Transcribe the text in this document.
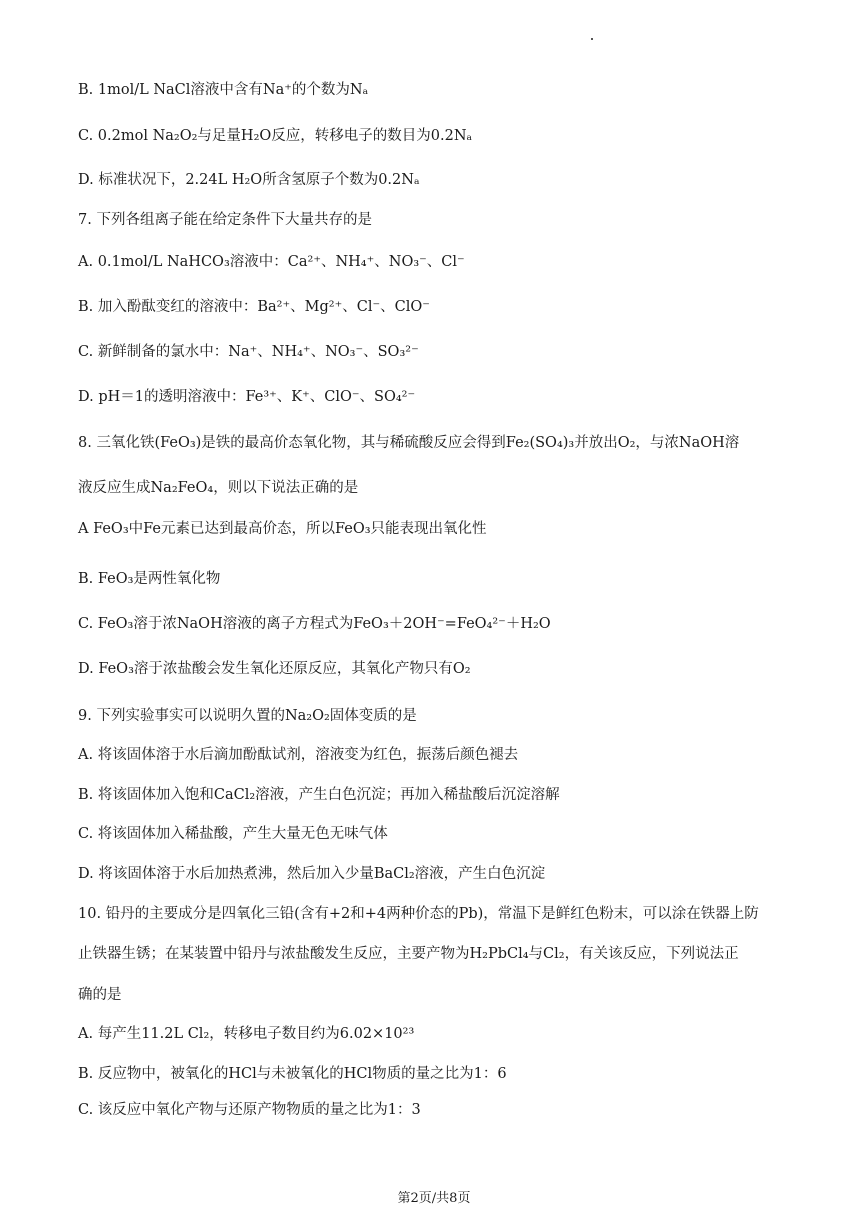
B. 1mol/L NaCl溶液中含有Na⁺的个数为Nₐ
C. 0.2mol Na₂O₂与足量H₂O反应，转移电子的数目为0.2Nₐ
D. 标准状况下，2.24L H₂O所含氢原子个数为0.2Nₐ
7. 下列各组离子能在给定条件下大量共存的是
A. 0.1mol/L NaHCO₃溶液中：Ca²⁺、NH₄⁺、NO₃⁻、Cl⁻
B. 加入酚酞变红的溶液中：Ba²⁺、Mg²⁺、Cl⁻、ClO⁻
C. 新鲜制备的氯水中：Na⁺、NH₄⁺、NO₃⁻、SO₃²⁻
D. pH＝1的透明溶液中：Fe³⁺、K⁺、ClO⁻、SO₄²⁻
8. 三氧化铁(FeO₃)是铁的最高价态氧化物，其与稀硫酸反应会得到Fe₂(SO₄)₃并放出O₂，与浓NaOH溶
液反应生成Na₂FeO₄，则以下说法正确的是
A FeO₃中Fe元素已达到最高价态，所以FeO₃只能表现出氧化性
B. FeO₃是两性氧化物
C. FeO₃溶于浓NaOH溶液的离子方程式为FeO₃＋2OH⁻=FeO₄²⁻＋H₂O
D. FeO₃溶于浓盐酸会发生氧化还原反应，其氧化产物只有O₂
9. 下列实验事实可以说明久置的Na₂O₂固体变质的是
A. 将该固体溶于水后滴加酚酞试剂，溶液变为红色，振荡后颜色褪去
B. 将该固体加入饱和CaCl₂溶液，产生白色沉淀；再加入稀盐酸后沉淀溶解
C. 将该固体加入稀盐酸，产生大量无色无味气体
D. 将该固体溶于水后加热煮沸，然后加入少量BaCl₂溶液，产生白色沉淀
10. 铅丹的主要成分是四氧化三铅(含有+2和+4两种价态的Pb)，常温下是鲜红色粉末，可以涂在铁器上防
止铁器生锈；在某装置中铅丹与浓盐酸发生反应，主要产物为H₂PbCl₄与Cl₂，有关该反应，下列说法正
确的是
A. 每产生11.2L Cl₂，转移电子数目约为6.02×10²³
B. 反应物中，被氧化的HCl与未被氧化的HCl物质的量之比为1：6
C. 该反应中氧化产物与还原产物物质的量之比为1：3
第2页/共8页
